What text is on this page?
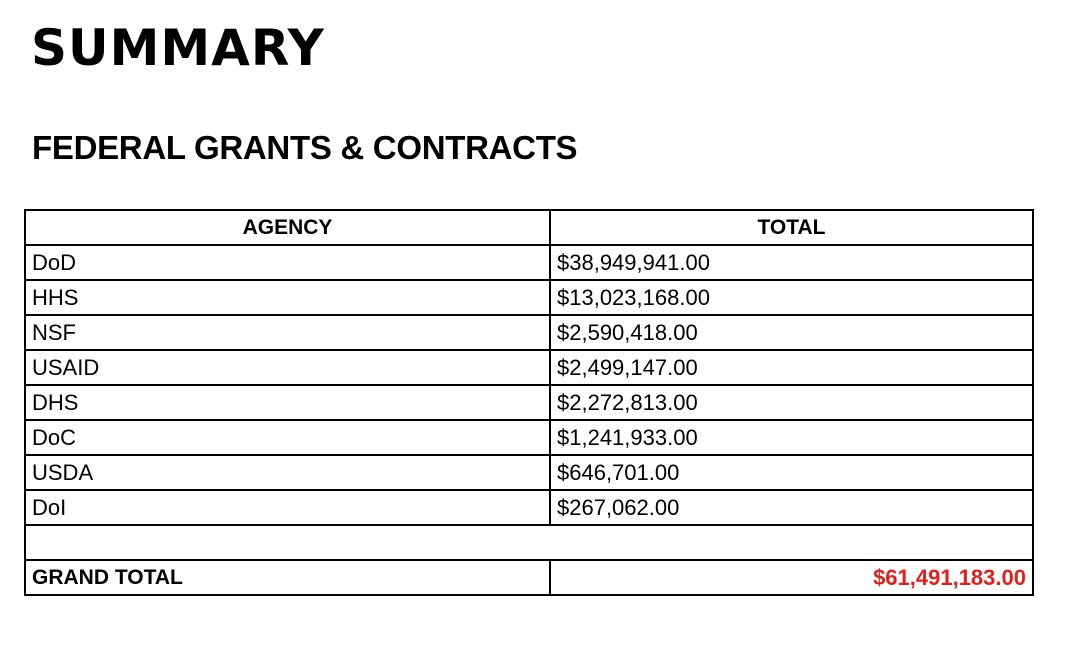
SUMMARY
FEDERAL GRANTS & CONTRACTS
AGENCY	TOTAL
DoD	$38,949,941.00
HHS	$13,023,168.00
NSF	$2,590,418.00
USAID	$2,499,147.00
DHS	$2,272,813.00
DoC	$1,241,933.00
USDA	$646,701.00
DoI	$267,062.00

GRAND TOTAL	$61,491,183.00
